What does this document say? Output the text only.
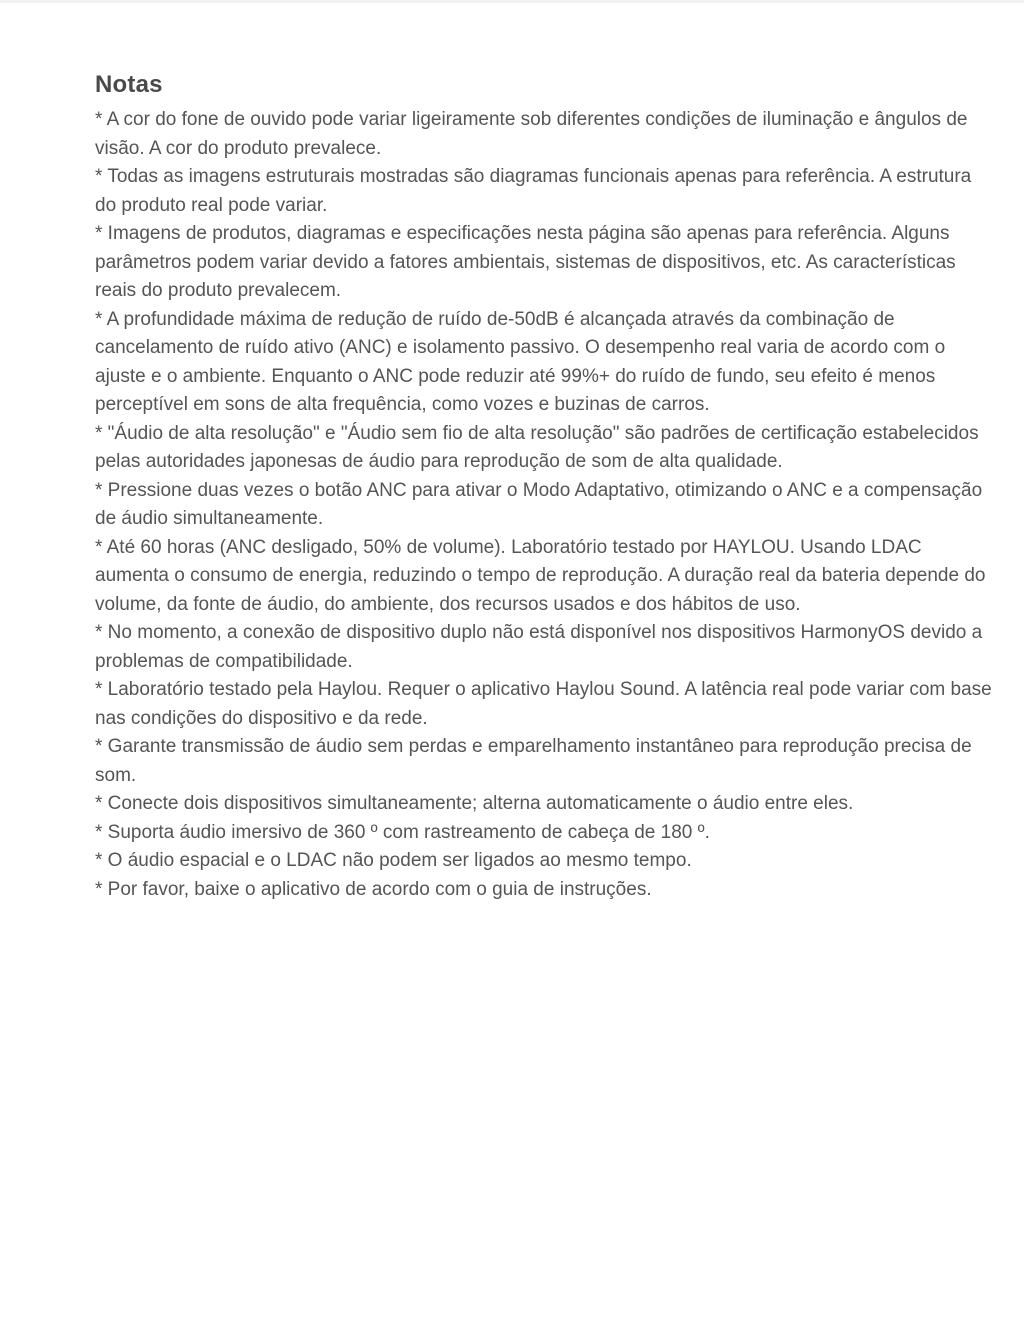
Notas
* A cor do fone de ouvido pode variar ligeiramente sob diferentes condições de iluminação e ângulos de visão. A cor do produto prevalece.
* Todas as imagens estruturais mostradas são diagramas funcionais apenas para referência. A estrutura do produto real pode variar.
* Imagens de produtos, diagramas e especificações nesta página são apenas para referência. Alguns parâmetros podem variar devido a fatores ambientais, sistemas de dispositivos, etc. As características reais do produto prevalecem.
* A profundidade máxima de redução de ruído de-50dB é alcançada através da combinação de cancelamento de ruído ativo (ANC) e isolamento passivo. O desempenho real varia de acordo com o ajuste e o ambiente. Enquanto o ANC pode reduzir até 99%+ do ruído de fundo, seu efeito é menos perceptível em sons de alta frequência, como vozes e buzinas de carros.
* "Áudio de alta resolução" e "Áudio sem fio de alta resolução" são padrões de certificação estabelecidos pelas autoridades japonesas de áudio para reprodução de som de alta qualidade.
* Pressione duas vezes o botão ANC para ativar o Modo Adaptativo, otimizando o ANC e a compensação de áudio simultaneamente.
* Até 60 horas (ANC desligado, 50% de volume). Laboratório testado por HAYLOU. Usando LDAC aumenta o consumo de energia, reduzindo o tempo de reprodução. A duração real da bateria depende do volume, da fonte de áudio, do ambiente, dos recursos usados e dos hábitos de uso.
* No momento, a conexão de dispositivo duplo não está disponível nos dispositivos HarmonyOS devido a problemas de compatibilidade.
* Laboratório testado pela Haylou. Requer o aplicativo Haylou Sound. A latência real pode variar com base nas condições do dispositivo e da rede.
* Garante transmissão de áudio sem perdas e emparelhamento instantâneo para reprodução precisa de som.
* Conecte dois dispositivos simultaneamente; alterna automaticamente o áudio entre eles.
* Suporta áudio imersivo de 360 º com rastreamento de cabeça de 180 º.
* O áudio espacial e o LDAC não podem ser ligados ao mesmo tempo.
* Por favor, baixe o aplicativo de acordo com o guia de instruções.
